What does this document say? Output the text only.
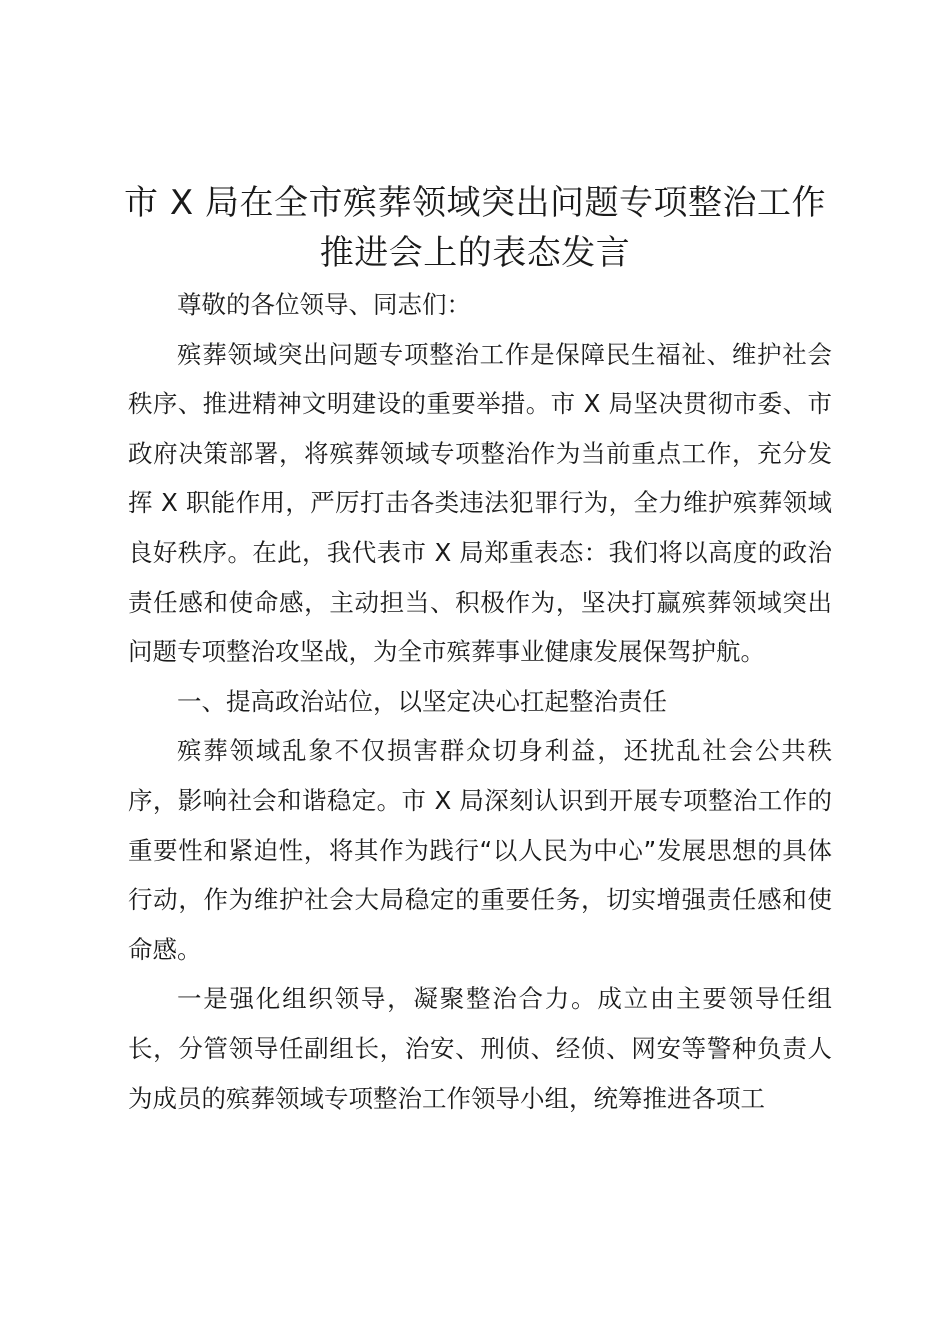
市 X 局在全市殡葬领域突出问题专项整治工作
推进会上的表态发言

尊敬的各位领导、同志们：

殡葬领域突出问题专项整治工作是保障民生福祉、维护社会秩序、推进精神文明建设的重要举措。市 X 局坚决贯彻市委、市政府决策部署，将殡葬领域专项整治作为当前重点工作，充分发挥 X 职能作用，严厉打击各类违法犯罪行为，全力维护殡葬领域良好秩序。在此，我代表市 X 局郑重表态：我们将以高度的政治责任感和使命感，主动担当、积极作为，坚决打赢殡葬领域突出问题专项整治攻坚战，为全市殡葬事业健康发展保驾护航。

一、提高政治站位，以坚定决心扛起整治责任

殡葬领域乱象不仅损害群众切身利益，还扰乱社会公共秩序，影响社会和谐稳定。市 X 局深刻认识到开展专项整治工作的重要性和紧迫性，将其作为践行“以人民为中心”发展思想的具体行动，作为维护社会大局稳定的重要任务，切实增强责任感和使命感。

一是强化组织领导，凝聚整治合力。成立由主要领导任组长，分管领导任副组长，治安、刑侦、经侦、网安等警种负责人为成员的殡葬领域专项整治工作领导小组，统筹推进各项工
